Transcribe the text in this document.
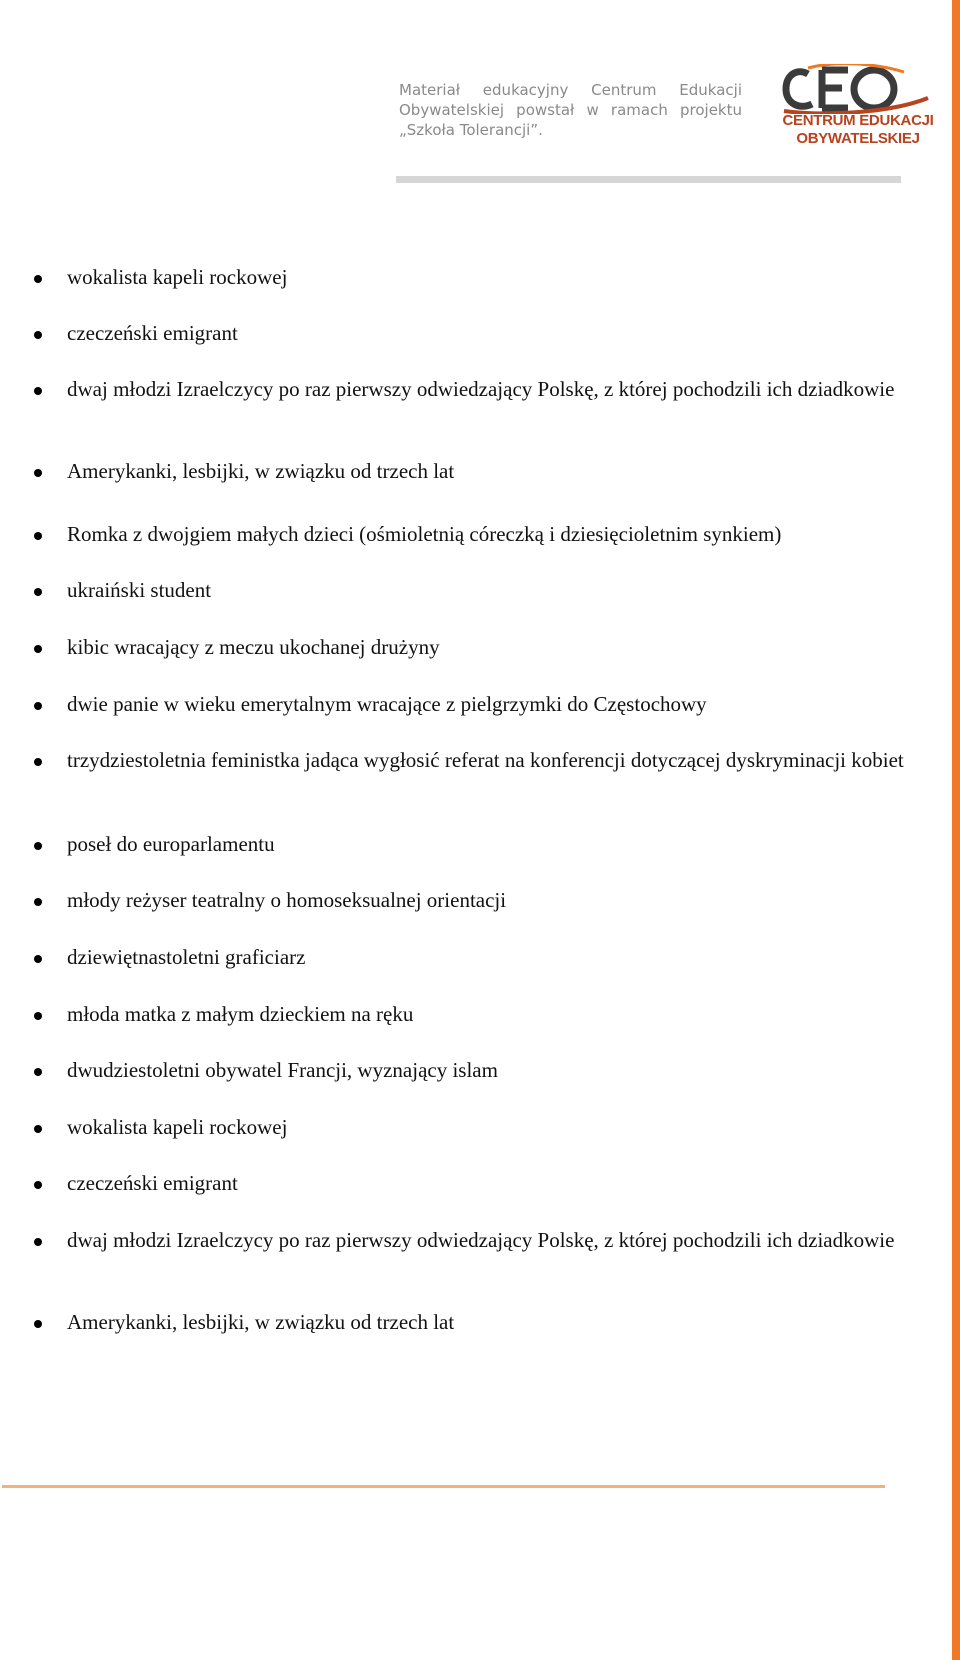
Materiał edukacyjny Centrum Edukacji
Obywatelskiej powstał w ramach projektu
„Szkoła Tolerancji”.
CENTRUM EDUKACJI
OBYWATELSKIEJ
wokalista kapeli rockowej
czeczeński emigrant
dwaj młodzi Izraelczycy po raz pierwszy odwiedzający Polskę, z której pochodzili ich dziadkowie
Amerykanki, lesbijki, w związku od trzech lat
Romka z dwojgiem małych dzieci (ośmioletnią córeczką i dziesięcioletnim synkiem)
ukraiński student
kibic wracający z meczu ukochanej drużyny
dwie panie w wieku emerytalnym wracające z pielgrzymki do Częstochowy
trzydziestoletnia feministka jadąca wygłosić referat na konferencji dotyczącej dyskryminacji kobiet
poseł do europarlamentu
młody reżyser teatralny o homoseksualnej orientacji
dziewiętnastoletni graficiarz
młoda matka z małym dzieckiem na ręku
dwudziestoletni obywatel Francji, wyznający islam
wokalista kapeli rockowej
czeczeński emigrant
dwaj młodzi Izraelczycy po raz pierwszy odwiedzający Polskę, z której pochodzili ich dziadkowie
Amerykanki, lesbijki, w związku od trzech lat
